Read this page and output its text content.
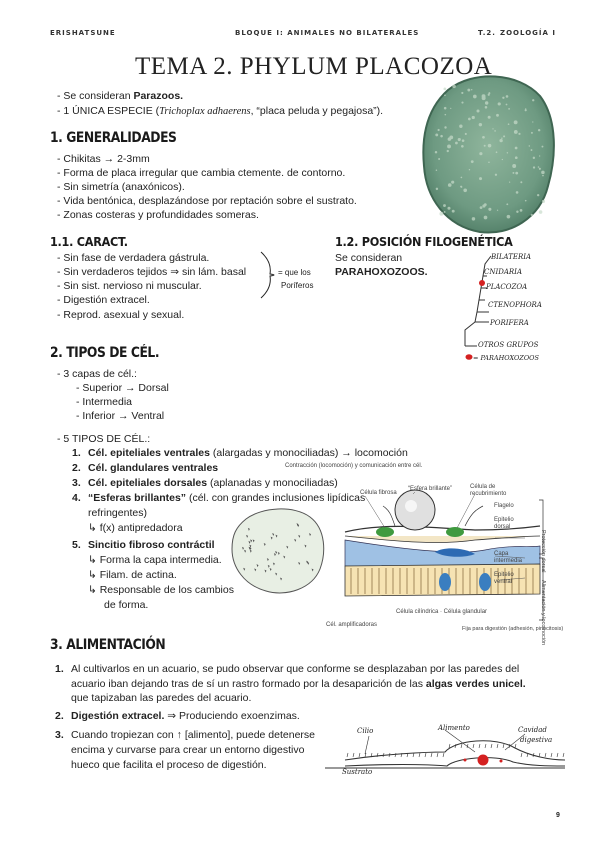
ERISHATSUNE	BLOQUE I: ANIMALES NO BILATERALES	T.2. ZOOLOGÍA I
TEMA 2. PHYLUM PLACOZOA
- Se consideran Parazoos.
- 1 ÚNICA ESPECIE (Trichoplax adhaerens, “placa peluda y pegajosa”).
1. GENERALIDADES
- Chikitas → 2-3mm
- Forma de placa irregular que cambia ctemente. de contorno.
- Sin simetría (anaxónicos).
- Vida bentónica, desplazándose por reptación sobre el sustrato.
- Zonas costeras y profundidades someras.
1.1. CARACT.
- Sin fase de verdadera gástrula.
- Sin verdaderos tejidos ⇒ sin lám. basal
- Sin sist. nervioso ni muscular.
- Digestión extracel.
- Reprod. asexual y sexual.
= que los
Poríferos
1.2. POSICIÓN FILOGENÉTICA
Se consideran
PARAHOXOZOOS.
BILATERIA
CNIDARIA
PLACOZOA
CTENOPHORA
PORIFERA
OTROS GRUPOS
= PARAHOXOZOOS
2. TIPOS DE CÉL.
- 3 capas de cél.:
- Superior → Dorsal
- Intermedia
- Inferior → Ventral
- 5 TIPOS DE CÉL.:
1. Cél. epiteliales ventrales (alargadas y monociliadas) → locomoción
2. Cél. glandulares ventrales
3. Cél. epiteliales dorsales (aplanadas y monociliadas)
4. “Esferas brillantes” (cél. con grandes inclusiones lipídicas
refringentes)
↳ f(x) antipredadora
5. Sincitio fibroso contráctil
↳ Forma la capa intermedia.
↳ Filam. de actina.
↳ Responsable de los cambios
de forma.
Contracción (locomoción) y comunicación entre cél.
Célula fibrosa
“Esfera brillante”	Célula de recubrimiento
Flagelo
Epitelio dorsal
Capa intermedia
Epitelio ventral
Célula cilíndrica · Célula glandular
Cél. amplificadoras
Fija para digestión (adhesión, pinocitosis)
Protección dorsal
Alimentación y locomoción
3. ALIMENTACIÓN
1. Al cultivarlos en un acuario, se pudo observar que conforme se desplazaban por las paredes del
acuario iban dejando tras de sí un rastro formado por la desaparición de las algas verdes unicel.
que tapizaban las paredes del acuario.
2. Digestión extracel. ⇒ Produciendo exoenzimas.
3. Cuando tropiezan con ↑ [alimento], puede detenerse
encima y curvarse para crear un entorno digestivo
hueco que facilita el proceso de digestión.
Cilio	Alimento	Cavidad
digestiva
Sustrato
9
